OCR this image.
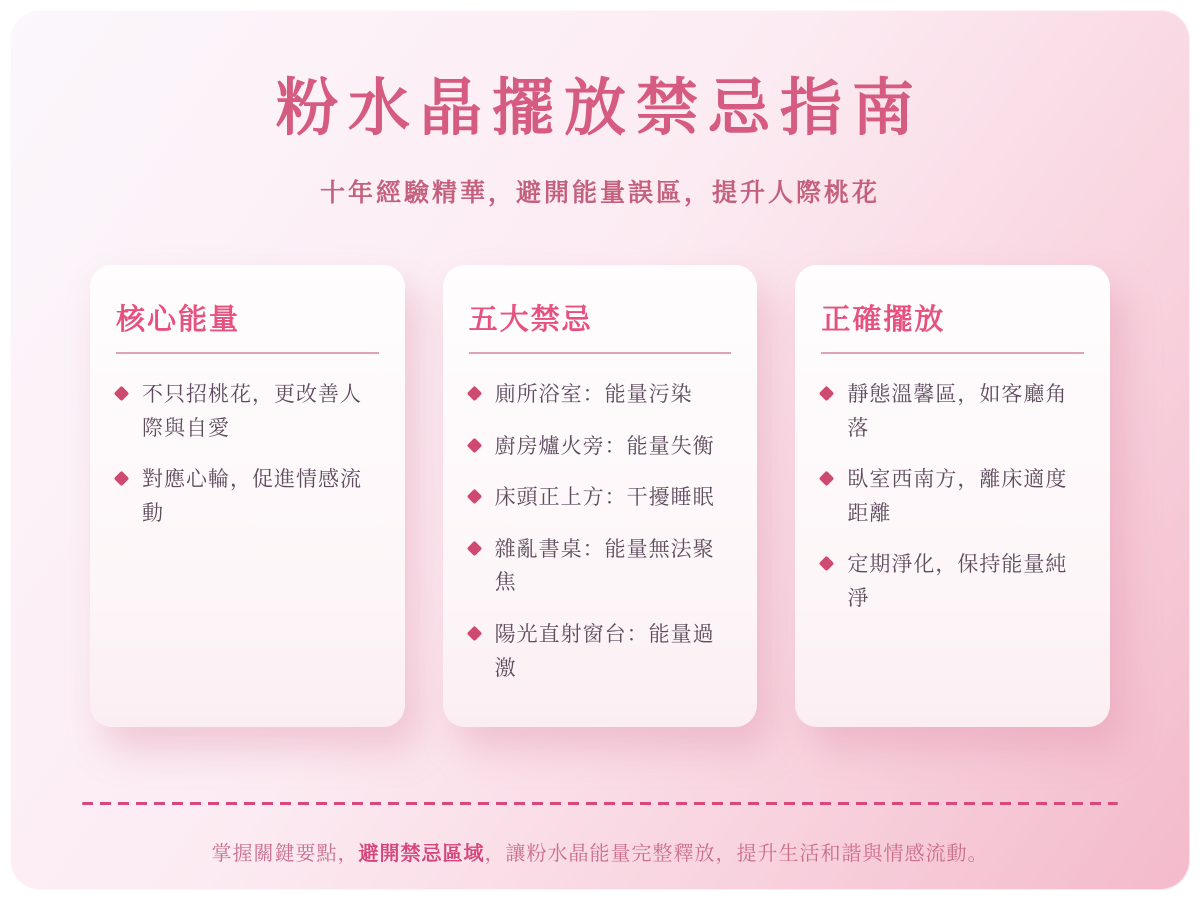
粉水晶擺放禁忌指南

十年經驗精華，避開能量誤區，提升人際桃花

核心能量
不只招桃花，更改善人際與自愛
對應心輪，促進情感流動
五大禁忌
廁所浴室：能量污染
廚房爐火旁：能量失衡
床頭正上方：干擾睡眠
雜亂書桌：能量無法聚焦
陽光直射窗台：能量過激
正確擺放
靜態溫馨區，如客廳角落
臥室西南方，離床適度距離
定期淨化，保持能量純淨

掌握關鍵要點，避開禁忌區域，讓粉水晶能量完整釋放，提升生活和諧與情感流動。
